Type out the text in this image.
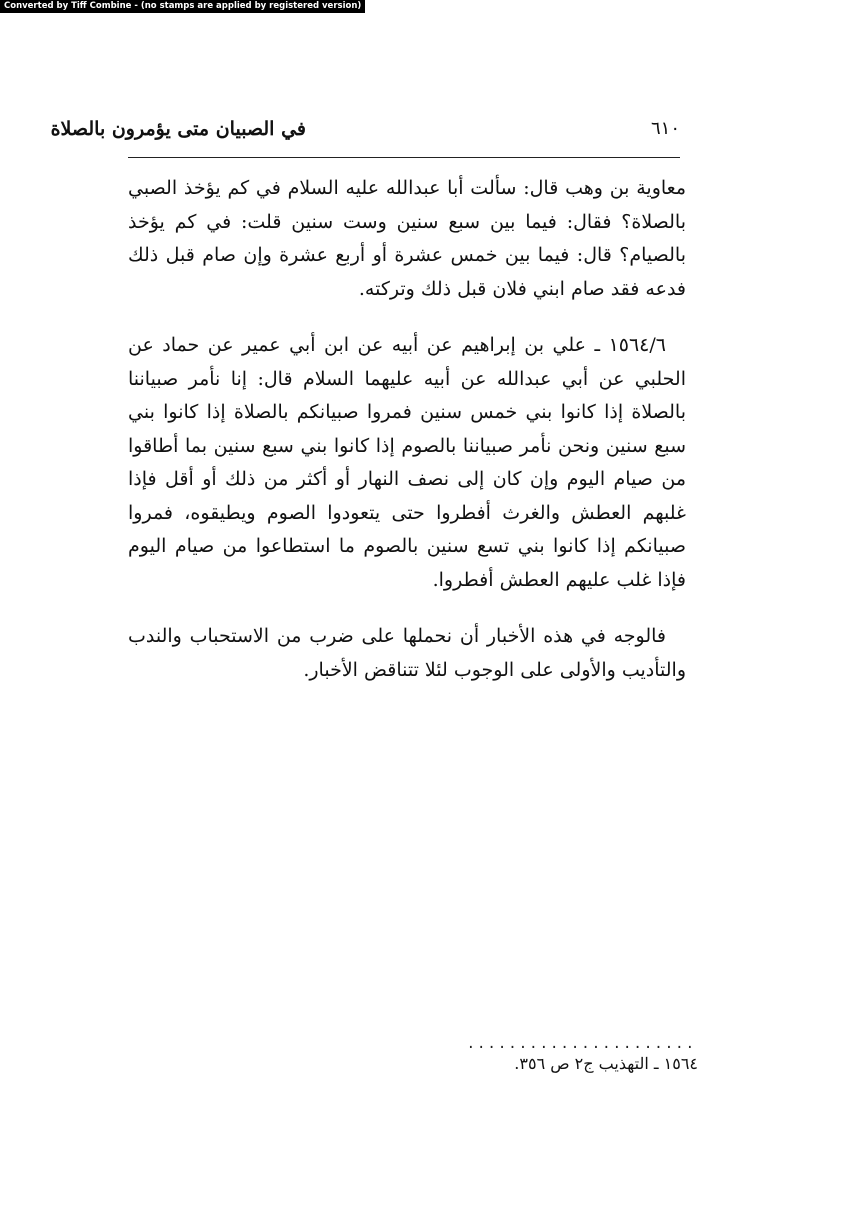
Converted by Tiff Combine - (no stamps are applied by registered version)
٦١٠
في الصبيان متى يؤمرون بالصلاة

معاوية بن وهب قال: سألت أبا عبدالله عليه السلام في كم يؤخذ الصبي بالصلاة؟ فقال: فيما بين سبع سنين وست سنين قلت: في كم يؤخذ بالصيام؟ قال: فيما بين خمس عشرة أو أربع عشرة وإن صام قبل ذلك فدعه فقد صام ابني فلان قبل ذلك وتركته.

١٥٦٤/٦ ـ علي بن إبراهيم عن أبيه عن ابن أبي عمير عن حماد عن الحلبي عن أبي عبدالله عن أبيه عليهما السلام قال: إنا نأمر صبياننا بالصلاة إذا كانوا بني خمس سنين فمروا صبيانكم بالصلاة إذا كانوا بني سبع سنين ونحن نأمر صبياننا بالصوم إذا كانوا بني سبع سنين بما أطاقوا من صيام اليوم وإن كان إلى نصف النهار أو أكثر من ذلك أو أقل فإذا غلبهم العطش والغرث أفطروا حتى يتعودوا الصوم ويطيقوه، فمروا صبيانكم إذا كانوا بني تسع سنين بالصوم ما استطاعوا من صيام اليوم فإذا غلب عليهم العطش أفطروا.

فالوجه في هذه الأخبار أن نحملها على ضرب من الاستحباب والندب والتأديب والأولى على الوجوب لئلا تتناقض الأخبار.

......................
١٥٦٤ ـ التهذيب ج٢ ص ٣٥٦.
